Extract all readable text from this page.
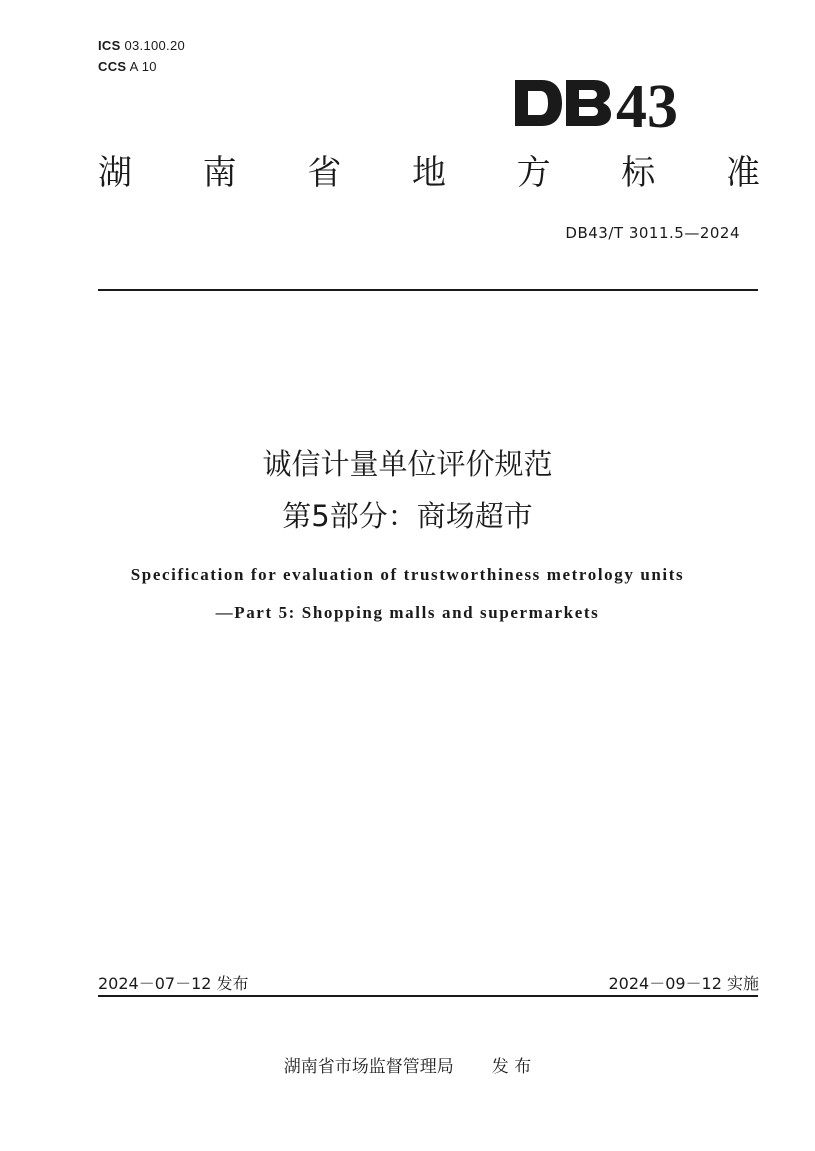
ICS 03.100.20
CCS A 10
43
湖 南 省 地 方 标 准
DB43/T 3011.5—2024
诚信计量单位评价规范
第5部分：商场超市
Specification for evaluation of trustworthiness metrology units
—Part 5: Shopping malls and supermarkets
2024－07－12 发布	2024－09－12 实施
湖南省市场监督管理局 发 布
